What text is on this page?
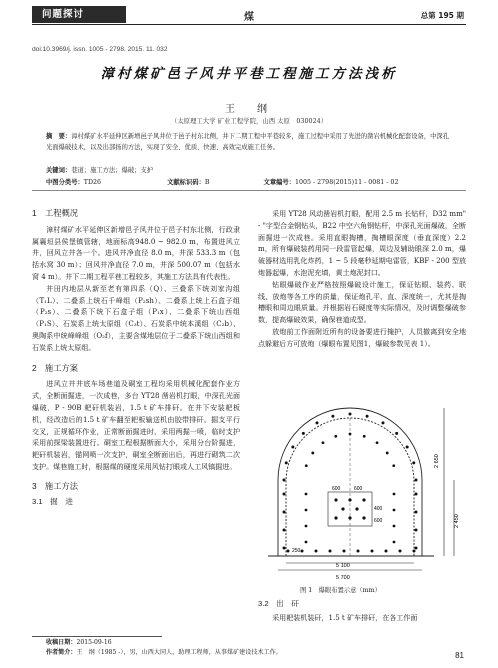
问题探讨	煤	总第 195 期
doi:10.3969/j. issn. 1005 - 2798. 2015. 11. 032
漳村煤矿邑子风井平巷工程施工方法浅析
王　纲
（太原理工大学 矿业工程学院，山西 太原　030024）
摘　要：漳村煤矿水平延伸区新增邑子风井位于邑子村东北侧，井下二期工程中平巷较多，施工过程中采用了先进的凿岩机械化配套设备，中深孔光面爆破技术，以及出部扬的方法，实现了安全、优质、快速、高效完成施工任务。
关键词：巷道；施工方法；爆破；支护
中图分类号：TD26	文献标识码：B	文章编号：1005 - 2798(2015)11 - 0081 - 02
1　工程概况

漳村煤矿水平延伸区新增邑子风井位于邑子村东北侧，行政隶属襄垣县侯堡镇管辖，地面标高948.0 ~ 982.0 m，布置进风立井，回风立井各一个。进风井净直径 8.0 m，井深 533.3 m（包括水窝 30 m）；回风井净直径 7.0 m，井深 500.07 m（包括水窝 4 m）。井下二期工程平巷工程较多，其施工方法具有代表性。

井田内地层从新至老有第四系（Q）、三叠系下统刘家沟组（T₁L）、二叠系上统石千峰组（P₂sh）、二叠系上统上石盒子组（P₂s）、二叠系下统下石盒子组（P₁x）、二叠系下统山西组（P₁S）、石炭系上统太原组（C₃t）、石炭系中统本溪组（C₂b）、奥陶系中统峰峰组（O₂f），主要含煤地层位于二叠系下统山西组和石炭系上统太原组。

2　施工方案

进风立井井底车场巷道及硐室工程均采用机械化配套作业方式，全断面掘进，一次成巷，多台 YT28 凿岩机打眼，中深孔光面爆破，P - 90B 耙矸机装岩，1.5 t 矿车排矸。在井下安装耙板机，经改造后的1.5 t 矿车翻至耙板输送机由胶带排矸。掘支平行交叉，正规循环作业，正常断面掘进时，采用两掘一喷，临时支护采用前探梁装置进行。硐室工程根据断面大小，采用分台阶掘进，耙矸机装岩，锚网喷一次支护，硐室全断面出后，再进行砌筑二次支护。煤巷施工时，根据煤的硬度采用风钻打眼或人工风镐掘进。

3　施工方法
3.1　掘　进

采用 YT28 风动凿岩机打眼，配用 2.5 m 长钻杆，D32 mm" - "字型合金钢钻头，B22 中空六角钢钻杆，中深孔光面爆破，全断面掘进一次成巷。采用直眼掏槽，掏槽眼深度（垂直深度）2.2 m，所有爆破装药用同一段雷管起爆，周边及辅助眼深 2.0 m，爆破器材选用乳化炸药，1 ~ 5 段毫秒延期电雷管，KBF - 200 型放炮器起爆，水泡泥充填，黄土炮泥封口。

钻眼爆破作业严格按照爆破设计施工，保证钻眼、装药、联线、放炮等各工序的质量，保证炮孔平、直、深度统一，尤其是掏槽眼和周边眼质量。并根据岩石硬度等实际情况，及时调整爆破参数，提高爆破效果，确保巷道成型。

放炮前工作面附近所有的设备要进行掩护，人员撤离到安全地点躲避后方可放炮（爆眼布置见图1，爆破参数见表 1）。

5 700
5 100
2 650
2 450
600	600
400
600
250
图 1　爆眼布置示意（mm）
3.2　出　矸

采用耙装机装矸，1.5 t 矿车排矸，在各工作面

收稿日期：2015-09-16
作者简介：王　纲（1985 -），男，山西大同人，助理工程师，从事煤矿建设技术工作。	81
